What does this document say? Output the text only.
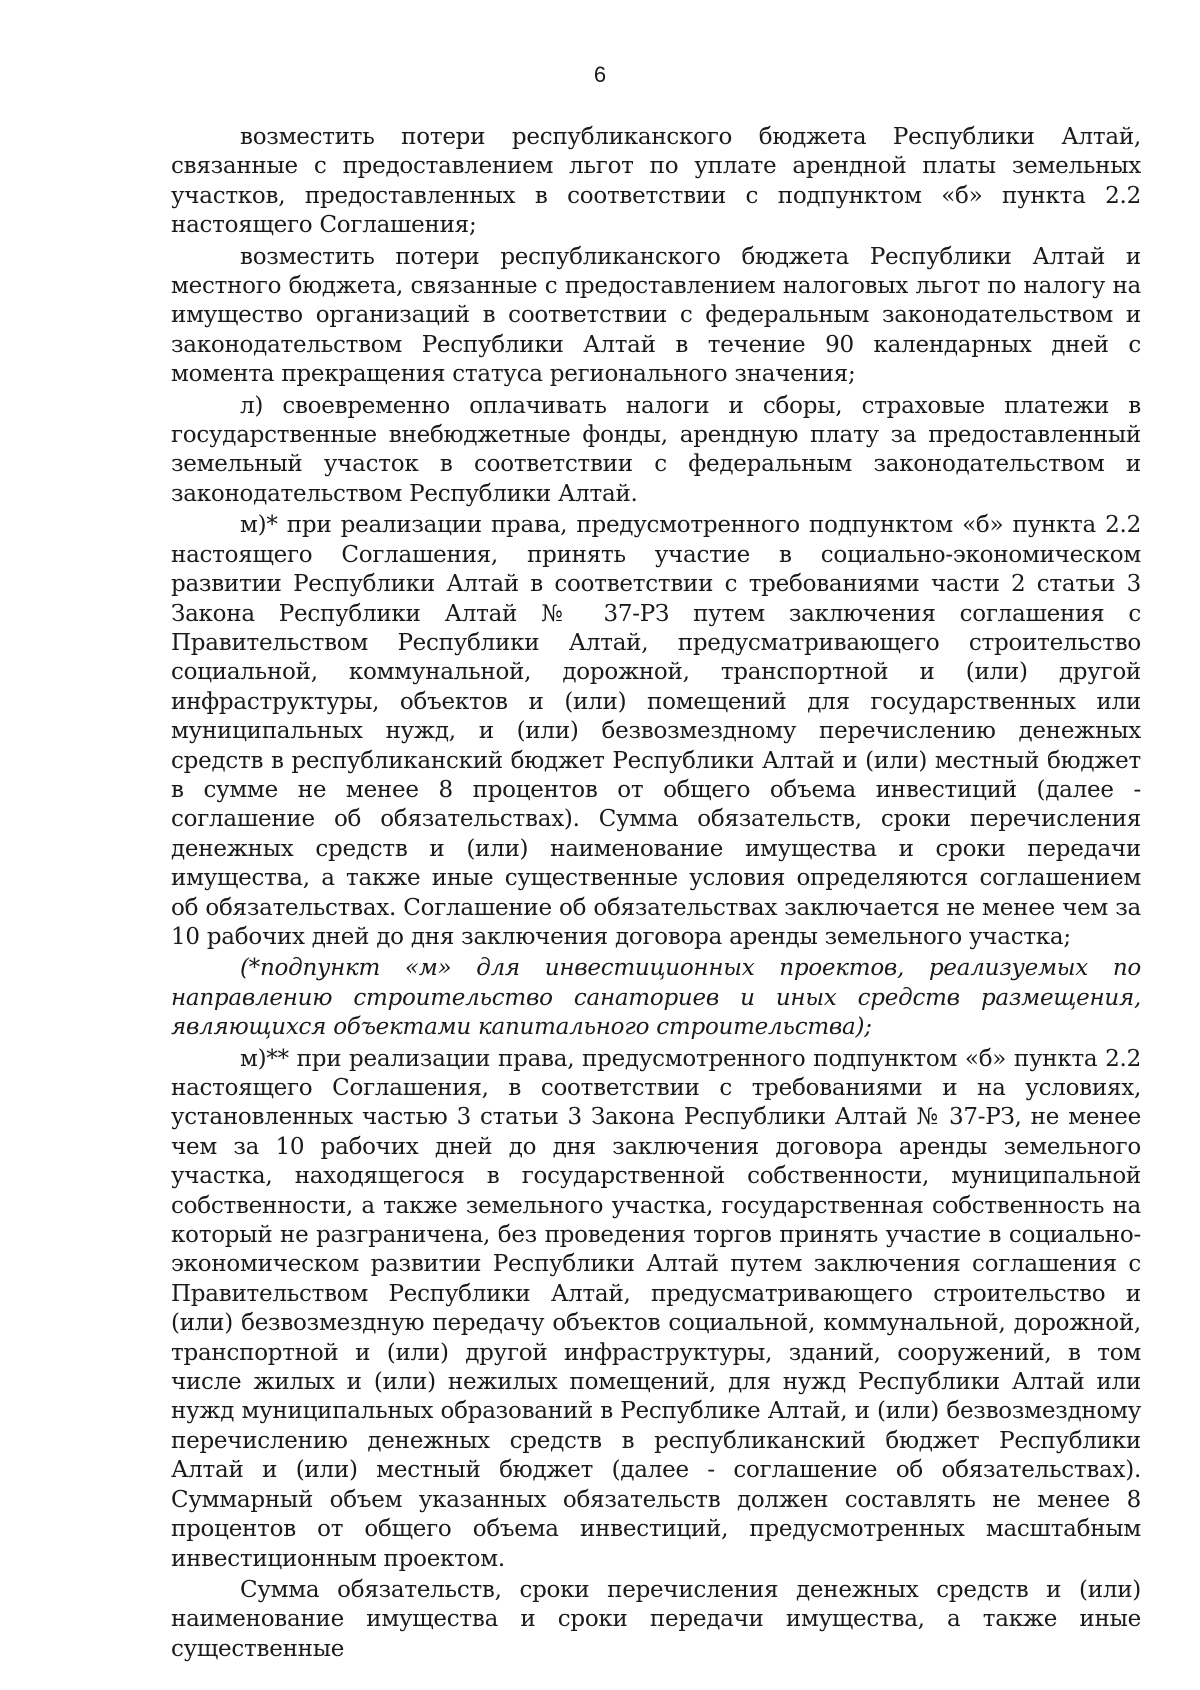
6

возместить потери республиканского бюджета Республики Алтай, связанные с предоставлением льгот по уплате арендной платы земельных участков, предоставленных в соответствии с подпунктом «б» пункта 2.2 настоящего Соглашения;

возместить потери республиканского бюджета Республики Алтай и местного бюджета, связанные с предоставлением налоговых льгот по налогу на имущество организаций в соответствии с федеральным законодательством и законодательством Республики Алтай в течение 90 календарных дней с момента прекращения статуса регионального значения;

л) своевременно оплачивать налоги и сборы, страховые платежи в государственные внебюджетные фонды, арендную плату за предоставленный земельный участок в соответствии с федеральным законодательством и законодательством Республики Алтай.

м)* при реализации права, предусмотренного подпунктом «б» пункта 2.2 настоящего Соглашения, принять участие в социально-экономическом развитии Республики Алтай в соответствии с требованиями части 2 статьи 3 Закона Республики Алтай № 37-РЗ путем заключения соглашения с Правительством Республики Алтай, предусматривающего строительство социальной, коммунальной, дорожной, транспортной и (или) другой инфраструктуры, объектов и (или) помещений для государственных или муниципальных нужд, и (или) безвозмездному перечислению денежных средств в республиканский бюджет Республики Алтай и (или) местный бюджет в сумме не менее 8 процентов от общего объема инвестиций (далее - соглашение об обязательствах). Сумма обязательств, сроки перечисления денежных средств и (или) наименование имущества и сроки передачи имущества, а также иные существенные условия определяются соглашением об обязательствах. Соглашение об обязательствах заключается не менее чем за 10 рабочих дней до дня заключения договора аренды земельного участка;

(*подпункт «м» для инвестиционных проектов, реализуемых по направлению строительство санаториев и иных средств размещения, являющихся объектами капитального строительства);

м)** при реализации права, предусмотренного подпунктом «б» пункта 2.2 настоящего Соглашения, в соответствии с требованиями и на условиях, установленных частью 3 статьи 3 Закона Республики Алтай № 37-РЗ, не менее чем за 10 рабочих дней до дня заключения договора аренды земельного участка, находящегося в государственной собственности, муниципальной собственности, а также земельного участка, государственная собственность на который не разграничена, без проведения торгов принять участие в социально-экономическом развитии Республики Алтай путем заключения соглашения с Правительством Республики Алтай, предусматривающего строительство и (или) безвозмездную передачу объектов социальной, коммунальной, дорожной, транспортной и (или) другой инфраструктуры, зданий, сооружений, в том числе жилых и (или) нежилых помещений, для нужд Республики Алтай или нужд муниципальных образований в Республике Алтай, и (или) безвозмездному перечислению денежных средств в республиканский бюджет Республики Алтай и (или) местный бюджет (далее - соглашение об обязательствах). Суммарный объем указанных обязательств должен составлять не менее 8 процентов от общего объема инвестиций, предусмотренных масштабным инвестиционным проектом.

Сумма обязательств, сроки перечисления денежных средств и (или) наименование имущества и сроки передачи имущества, а также иные существенные
